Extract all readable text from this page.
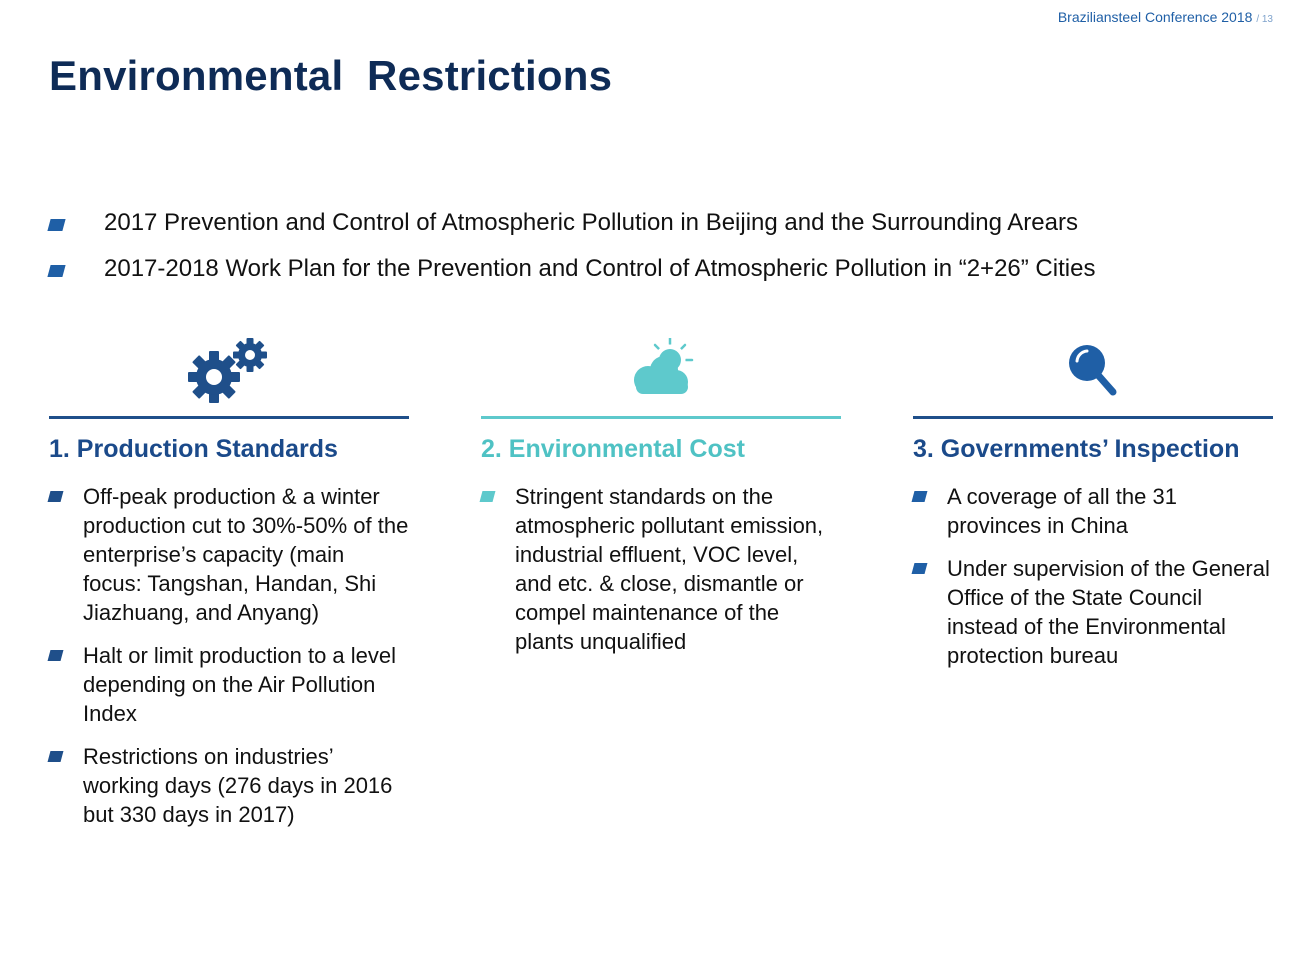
Braziliansteel Conference 2018 / 13
Environmental  Restrictions
2017 Prevention and Control of Atmospheric Pollution in Beijing and the Surrounding Arears
2017-2018 Work Plan for the Prevention and Control of Atmospheric Pollution in “2+26” Cities
1. Production Standards
Off-peak production & a winter production cut to 30%-50% of the enterprise’s capacity (main focus: Tangshan, Handan, Shi Jiazhuang, and Anyang)
Halt or limit production to a level depending on the Air Pollution Index
Restrictions on industries’ working days (276 days in 2016 but 330 days in 2017)
2. Environmental Cost
Stringent standards on the atmospheric pollutant emission, industrial effluent, VOC level, and etc. & close, dismantle or compel maintenance of the plants unqualified
3. Governments’ Inspection
A coverage of all the 31 provinces in China
Under supervision of the General Office of the State Council instead of the Environmental protection bureau
